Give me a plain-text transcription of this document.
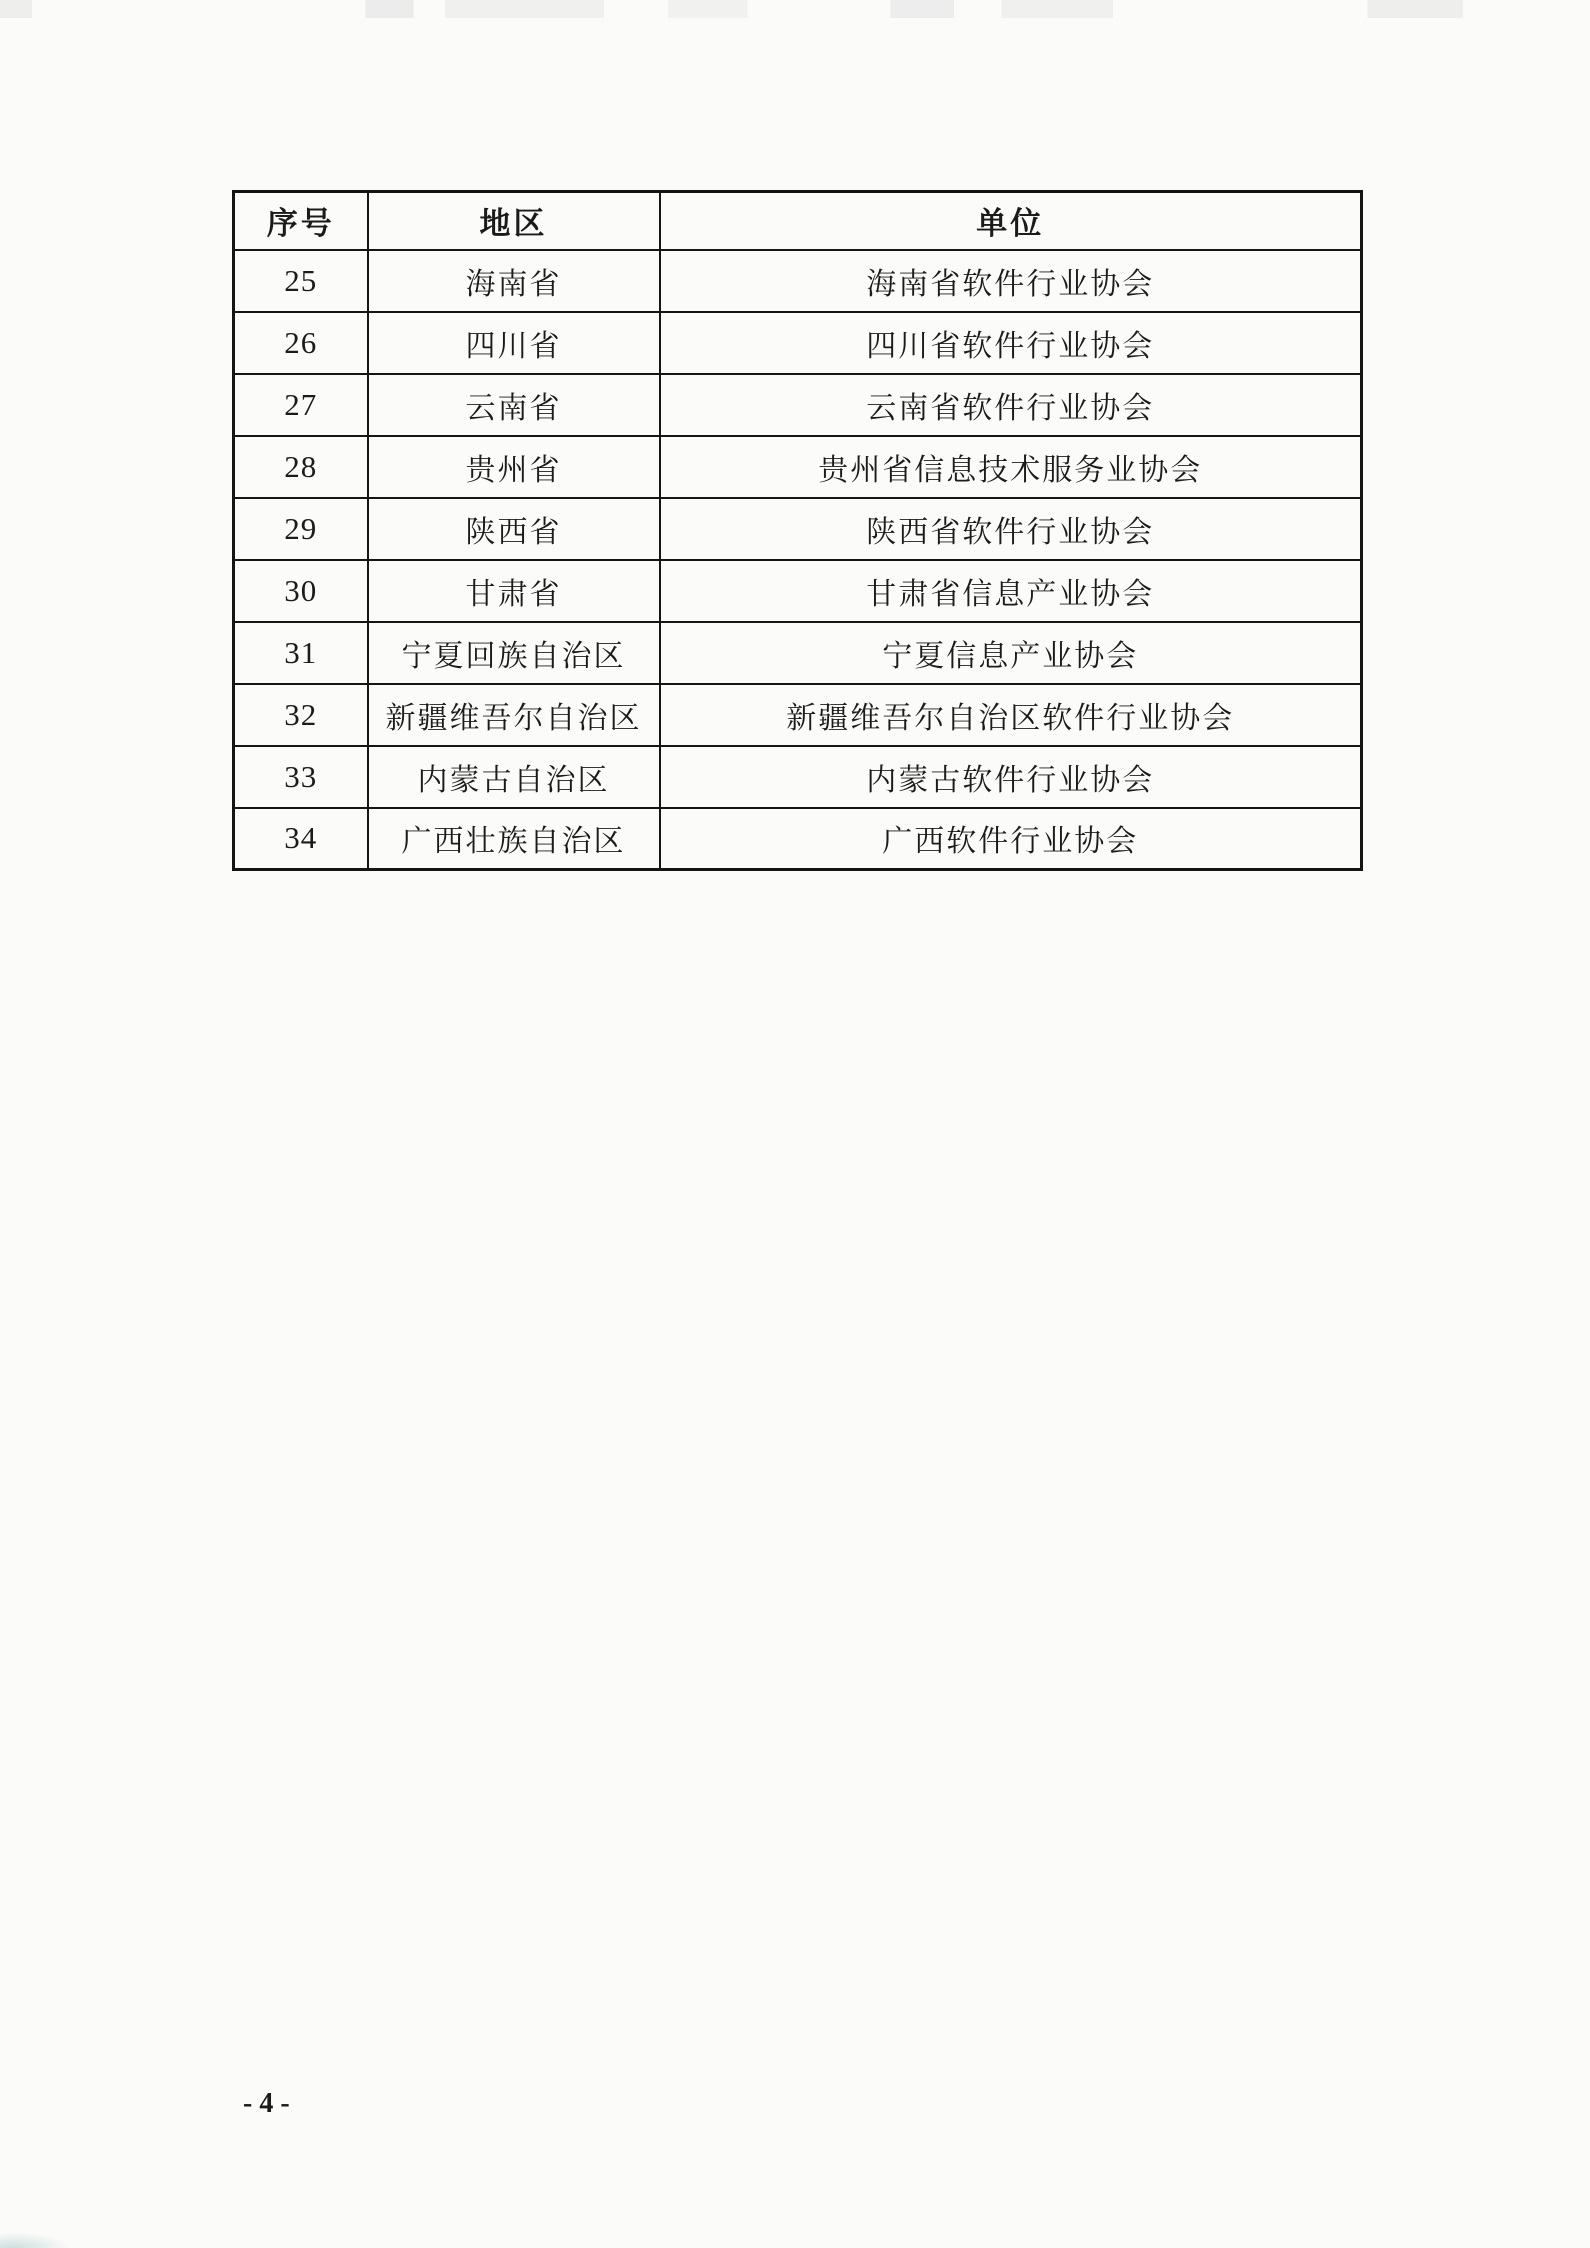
序号	地区	单位
25	海南省	海南省软件行业协会
26	四川省	四川省软件行业协会
27	云南省	云南省软件行业协会
28	贵州省	贵州省信息技术服务业协会
29	陕西省	陕西省软件行业协会
30	甘肃省	甘肃省信息产业协会
31	宁夏回族自治区	宁夏信息产业协会
32	新疆维吾尔自治区	新疆维吾尔自治区软件行业协会
33	内蒙古自治区	内蒙古软件行业协会
34	广西壮族自治区	广西软件行业协会
-4-
